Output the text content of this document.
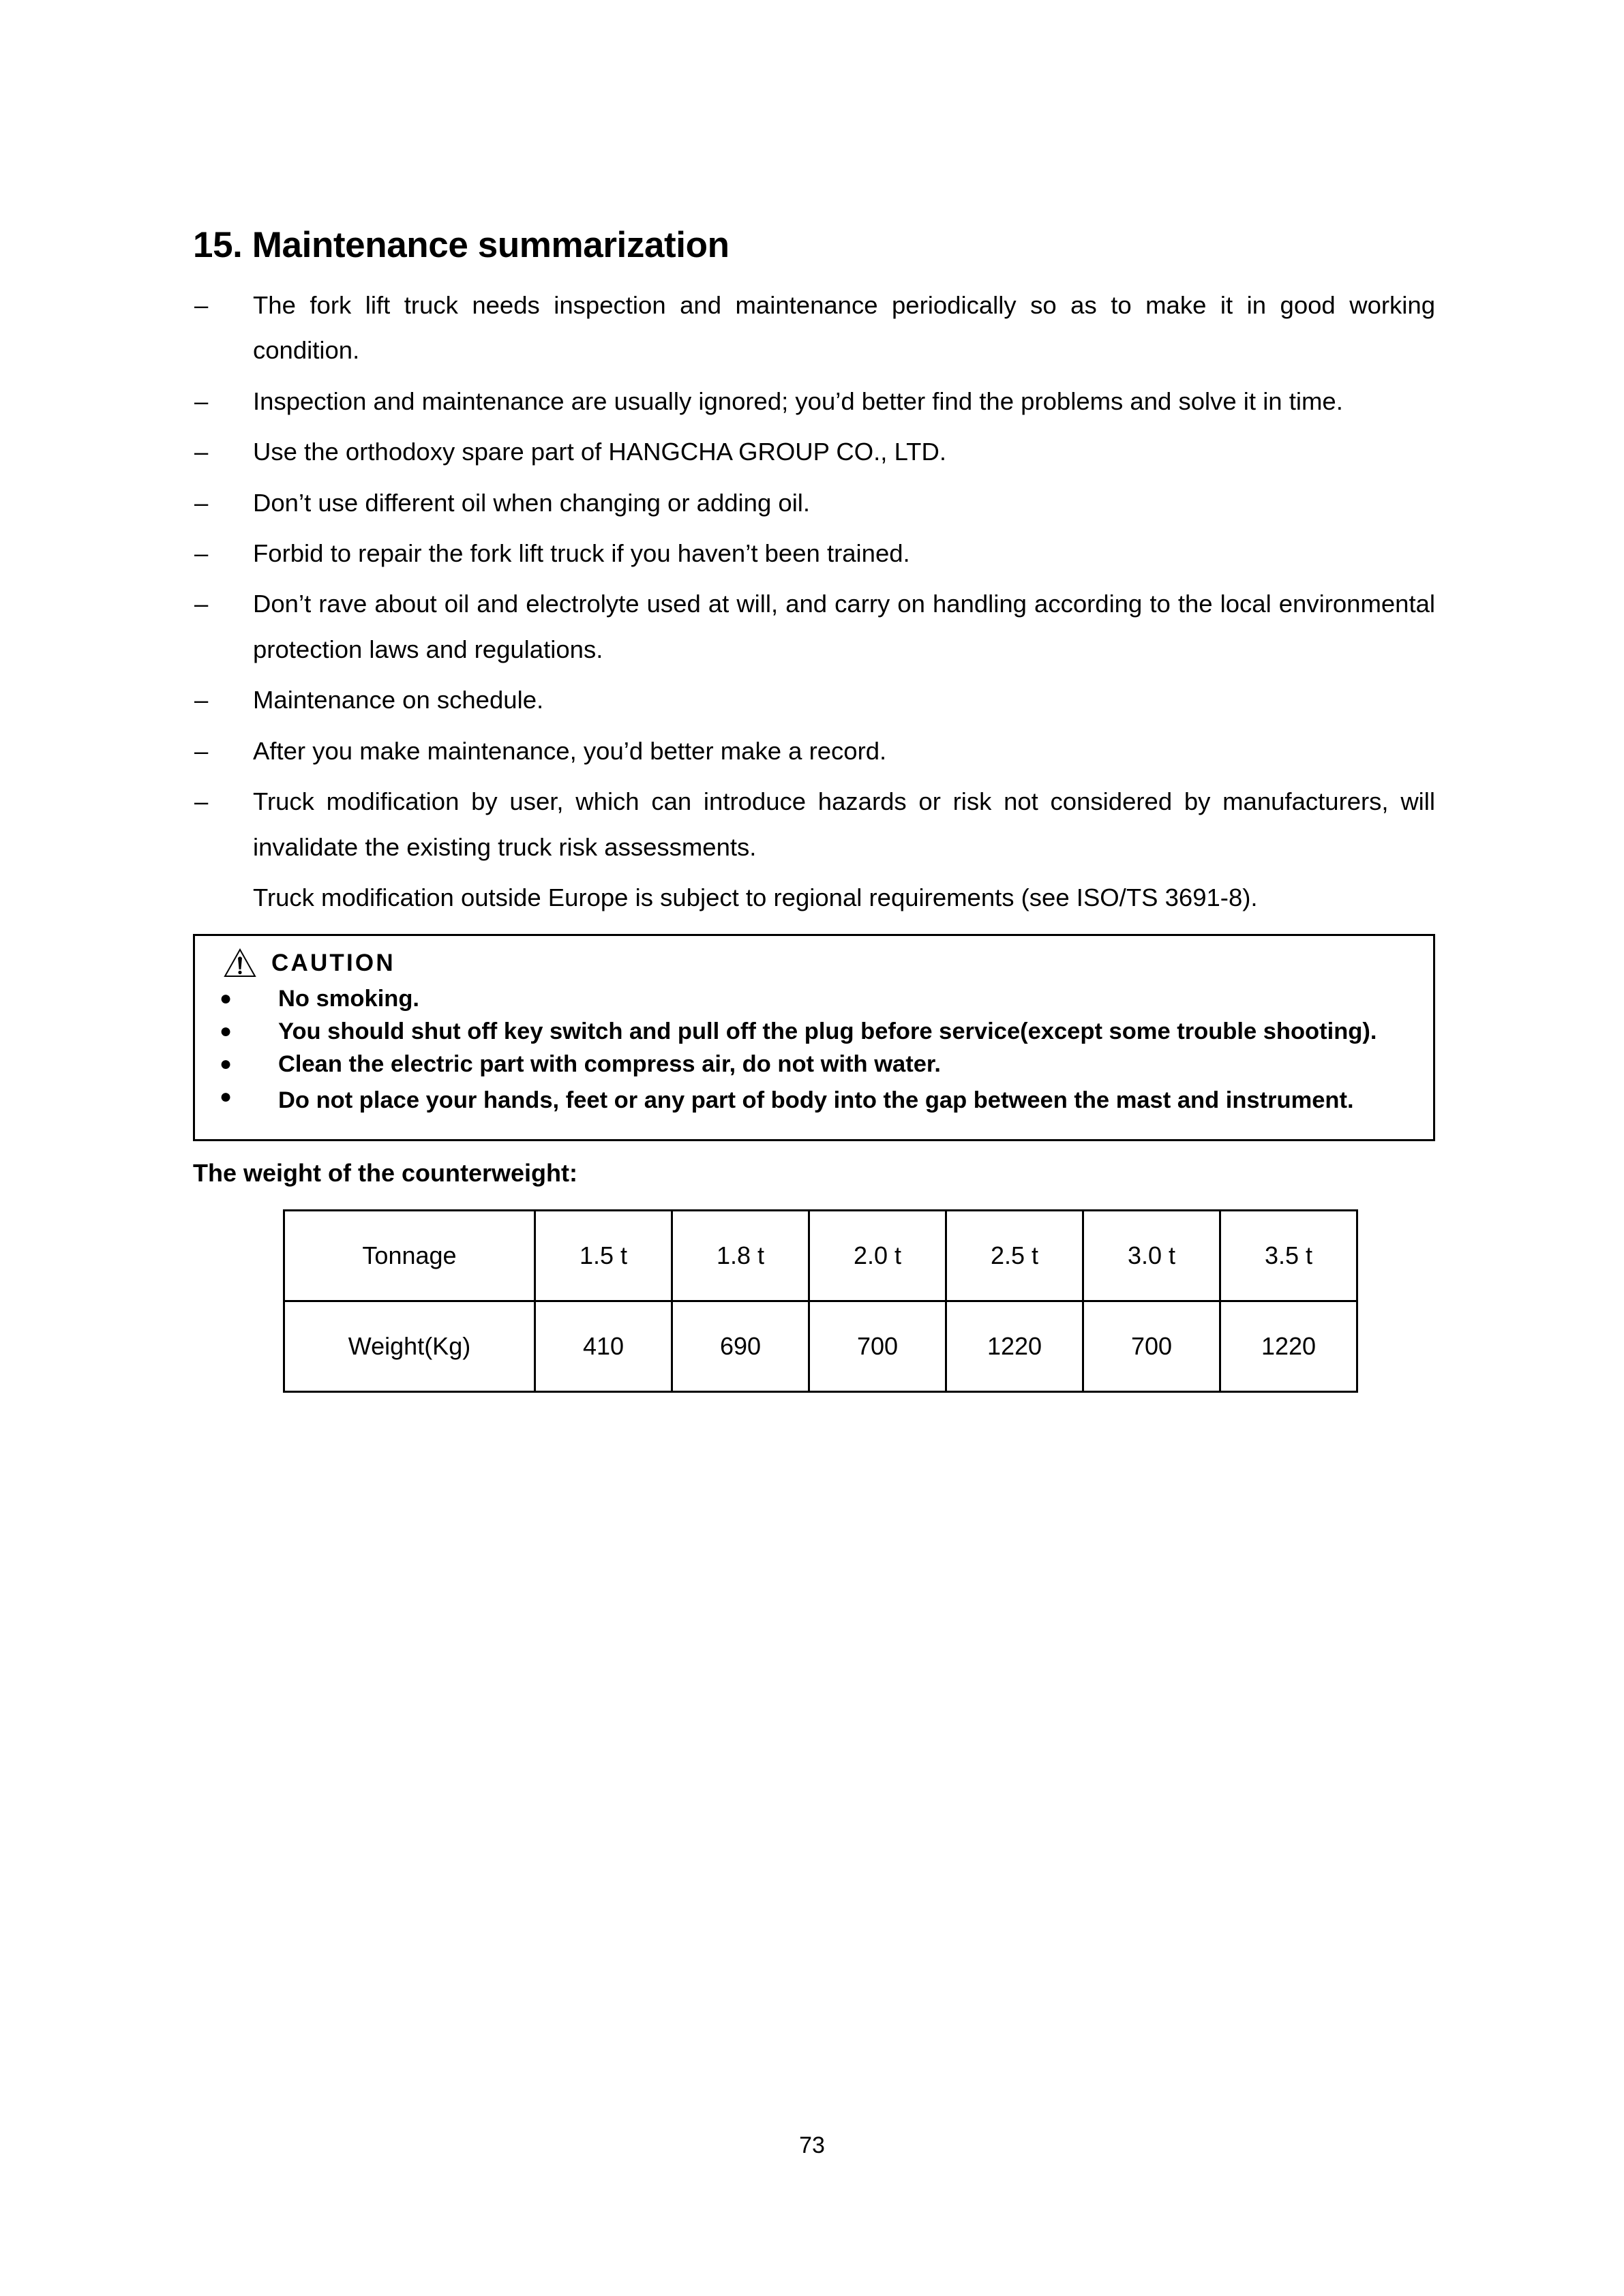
15. Maintenance summarization
– The fork lift truck needs inspection and maintenance periodically so as to make it in good working condition.
– Inspection and maintenance are usually ignored; you’d better find the problems and solve it in time.
– Use the orthodoxy spare part of HANGCHA GROUP CO., LTD.
– Don’t use different oil when changing or adding oil.
– Forbid to repair the fork lift truck if you haven’t been trained.
– Don’t rave about oil and electrolyte used at will, and carry on handling according to the local environmental protection laws and regulations.
– Maintenance on schedule.
– After you make maintenance, you’d better make a record.
– Truck modification by user, which can introduce hazards or risk not considered by manufacturers, will invalidate the existing truck risk assessments.

Truck modification outside Europe is subject to regional requirements (see ISO/TS 3691-8).

CAUTION
● No smoking.
● You should shut off key switch and pull off the plug before service(except some trouble shooting).
● Clean the electric part with compress air, do not with water.
● Do not place your hands, feet or any part of body into the gap between the mast and instrument.

The weight of the counterweight:

Tonnage	1.5 t	1.8 t	2.0 t	2.5 t	3.0 t	3.5 t
Weight(Kg)	410	690	700	1220	700	1220
73
